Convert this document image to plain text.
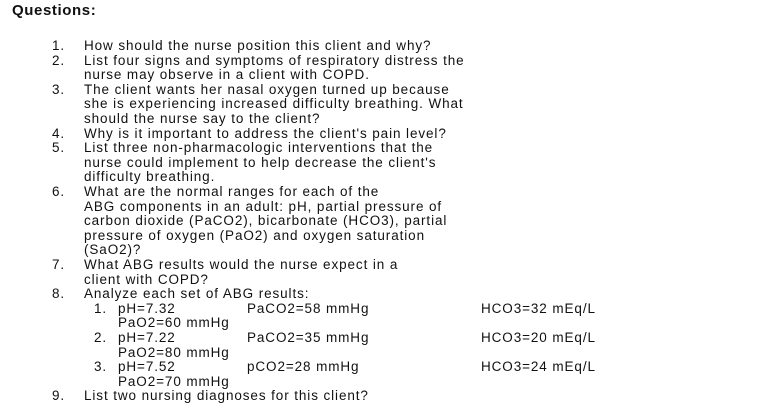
Questions:
1. How should the nurse position this client and why?
2. List four signs and symptoms of respiratory distress the
nurse may observe in a client with COPD.
3. The client wants her nasal oxygen turned up because
she is experiencing increased difficulty breathing. What
should the nurse say to the client?
4. Why is it important to address the client's pain level?
5. List three non-pharmacologic interventions that the
nurse could implement to help decrease the client's
difficulty breathing.
6. What are the normal ranges for each of the
ABG components in an adult: pH, partial pressure of
carbon dioxide (PaCO2), bicarbonate (HCO3), partial
pressure of oxygen (PaO2) and oxygen saturation
(SaO2)?
7. What ABG results would the nurse expect in a
client with COPD?
8. Analyze each set of ABG results:
1. pH=7.32	PaCO2=58 mmHg	HCO3=32 mEq/L
PaO2=60 mmHg
2. pH=7.22	PaCO2=35 mmHg	HCO3=20 mEq/L
PaO2=80 mmHg
3. pH=7.52	pCO2=28 mmHg	HCO3=24 mEq/L
PaO2=70 mmHg
9. List two nursing diagnoses for this client?
